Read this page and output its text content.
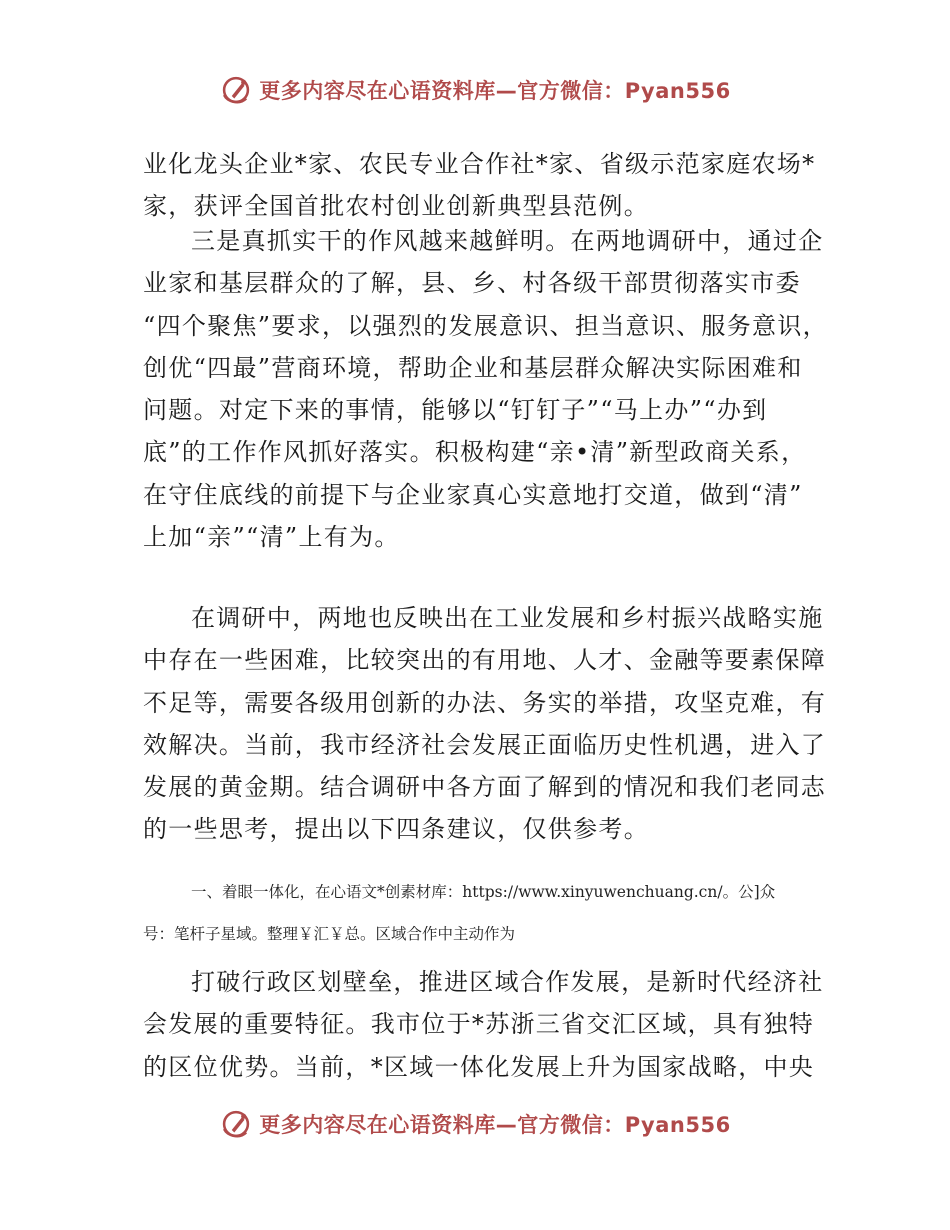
更多内容尽在心语资料库—官方微信：Pyan556
业化龙头企业*家、农民专业合作社*家、省级示范家庭农场*
家，获评全国首批农村创业创新典型县范例。
三是真抓实干的作风越来越鲜明。在两地调研中，通过企
业家和基层群众的了解，县、乡、村各级干部贯彻落实市委
“四个聚焦”要求，以强烈的发展意识、担当意识、服务意识，
创优“四最”营商环境，帮助企业和基层群众解决实际困难和
问题。对定下来的事情，能够以“钉钉子”“马上办”“办到
底”的工作作风抓好落实。积极构建“亲•清”新型政商关系，
在守住底线的前提下与企业家真心实意地打交道，做到“清”
上加“亲”“清”上有为。
在调研中，两地也反映出在工业发展和乡村振兴战略实施
中存在一些困难，比较突出的有用地、人才、金融等要素保障
不足等，需要各级用创新的办法、务实的举措，攻坚克难，有
效解决。当前，我市经济社会发展正面临历史性机遇，进入了
发展的黄金期。结合调研中各方面了解到的情况和我们老同志
的一些思考，提出以下四条建议，仅供参考。
一、着眼一体化，在心语文*创素材库：https://www.xinyuwenchuang.cn/。公]众
号：笔杆子星域。整理￥汇￥总。区域合作中主动作为
打破行政区划壁垒，推进区域合作发展，是新时代经济社
会发展的重要特征。我市位于*苏浙三省交汇区域，具有独特
的区位优势。当前，*区域一体化发展上升为国家战略，中央
更多内容尽在心语资料库—官方微信：Pyan556
